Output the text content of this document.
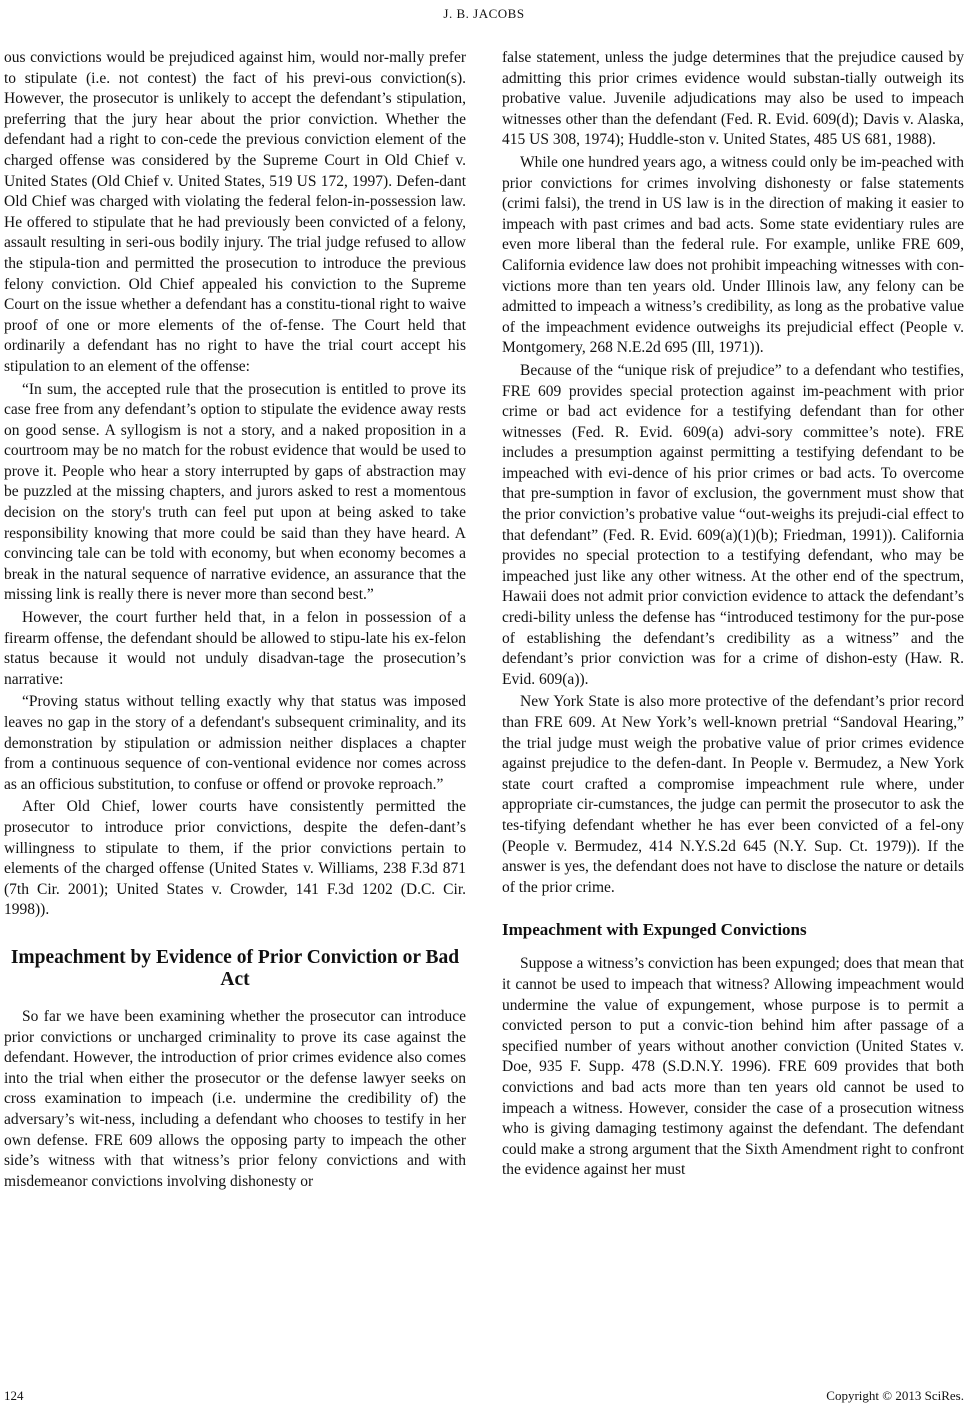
J. B. JACOBS

ous convictions would be prejudiced against him, would nor-mally prefer to stipulate (i.e. not contest) the fact of his previ-ous conviction(s). However, the prosecutor is unlikely to accept the defendant’s stipulation, preferring that the jury hear about the prior conviction. Whether the defendant had a right to con-cede the previous conviction element of the charged offense was considered by the Supreme Court in Old Chief v. United States (Old Chief v. United States, 519 US 172, 1997). Defen-dant Old Chief was charged with violating the federal felon-in-possession law. He offered to stipulate that he had previously been convicted of a felony, assault resulting in seri-ous bodily injury. The trial judge refused to allow the stipula-tion and permitted the prosecution to introduce the previous felony conviction. Old Chief appealed his conviction to the Supreme Court on the issue whether a defendant has a constitu-tional right to waive proof of one or more elements of the of-fense. The Court held that ordinarily a defendant has no right to have the trial court accept his stipulation to an element of the offense:

“In sum, the accepted rule that the prosecution is entitled to prove its case free from any defendant’s option to stipulate the evidence away rests on good sense. A syllogism is not a story, and a naked proposition in a courtroom may be no match for the robust evidence that would be used to prove it. People who hear a story interrupted by gaps of abstraction may be puzzled at the missing chapters, and jurors asked to rest a momentous decision on the story's truth can feel put upon at being asked to take responsibility knowing that more could be said than they have heard. A convincing tale can be told with economy, but when economy becomes a break in the natural sequence of narrative evidence, an assurance that the missing link is really there is never more than second best.”

However, the court further held that, in a felon in possession of a firearm offense, the defendant should be allowed to stipu-late his ex-felon status because it would not unduly disadvan-tage the prosecution’s narrative:

“Proving status without telling exactly why that status was imposed leaves no gap in the story of a defendant's subsequent criminality, and its demonstration by stipulation or admission neither displaces a chapter from a continuous sequence of con-ventional evidence nor comes across as an officious substitution, to confuse or offend or provoke reproach.”

After Old Chief, lower courts have consistently permitted the prosecutor to introduce prior convictions, despite the defen-dant’s willingness to stipulate to them, if the prior convictions pertain to elements of the charged offense (United States v. Williams, 238 F.3d 871 (7th Cir. 2001); United States v. Crowder, 141 F.3d 1202 (D.C. Cir. 1998)).

Impeachment by Evidence of Prior Conviction or Bad Act

So far we have been examining whether the prosecutor can introduce prior convictions or uncharged criminality to prove its case against the defendant. However, the introduction of prior crimes evidence also comes into the trial when either the prosecutor or the defense lawyer seeks on cross examination to impeach (i.e. undermine the credibility of) the adversary’s wit-ness, including a defendant who chooses to testify in her own defense. FRE 609 allows the opposing party to impeach the other side’s witness with that witness’s prior felony convictions and with misdemeanor convictions involving dishonesty or

false statement, unless the judge determines that the prejudice caused by admitting this prior crimes evidence would substan-tially outweigh its probative value. Juvenile adjudications may also be used to impeach witnesses other than the defendant (Fed. R. Evid. 609(d); Davis v. Alaska, 415 US 308, 1974); Huddle-ston v. United States, 485 US 681, 1988).

While one hundred years ago, a witness could only be im-peached with prior convictions for crimes involving dishonesty or false statements (crimi falsi), the trend in US law is in the direction of making it easier to impeach with past crimes and bad acts. Some state evidentiary rules are even more liberal than the federal rule. For example, unlike FRE 609, California evidence law does not prohibit impeaching witnesses with con-victions more than ten years old. Under Illinois law, any felony can be admitted to impeach a witness’s credibility, as long as the probative value of the impeachment evidence outweighs its prejudicial effect (People v. Montgomery, 268 N.E.2d 695 (Ill, 1971)).

Because of the “unique risk of prejudice” to a defendant who testifies, FRE 609 provides special protection against im-peachment with prior crime or bad act evidence for a testifying defendant than for other witnesses (Fed. R. Evid. 609(a) advi-sory committee’s note). FRE includes a presumption against permitting a testifying defendant to be impeached with evi-dence of his prior crimes or bad acts. To overcome that pre-sumption in favor of exclusion, the government must show that the prior conviction’s probative value “out-weighs its prejudi-cial effect to that defendant” (Fed. R. Evid. 609(a)(1)(b); Friedman, 1991)). California provides no special protection to a testifying defendant, who may be impeached just like any other witness. At the other end of the spectrum, Hawaii does not admit prior conviction evidence to attack the defendant’s credi-bility unless the defense has “introduced testimony for the pur-pose of establishing the defendant’s credibility as a witness” and the defendant’s prior conviction was for a crime of dishon-esty (Haw. R. Evid. 609(a)).

New York State is also more protective of the defendant’s prior record than FRE 609. At New York’s well-known pretrial “Sandoval Hearing,” the trial judge must weigh the probative value of prior crimes evidence against prejudice to the defen-dant. In People v. Bermudez, a New York state court crafted a compromise impeachment rule where, under appropriate cir-cumstances, the judge can permit the prosecutor to ask the tes-tifying defendant whether he has ever been convicted of a fel-ony (People v. Bermudez, 414 N.Y.S.2d 645 (N.Y. Sup. Ct. 1979)). If the answer is yes, the defendant does not have to disclose the nature or details of the prior crime.

Impeachment with Expunged Convictions

Suppose a witness’s conviction has been expunged; does that mean that it cannot be used to impeach that witness? Allowing impeachment would undermine the value of expungement, whose purpose is to permit a convicted person to put a convic-tion behind him after passage of a specified number of years without another conviction (United States v. Doe, 935 F. Supp. 478 (S.D.N.Y. 1996). FRE 609 provides that both convictions and bad acts more than ten years old cannot be used to impeach a witness. However, consider the case of a prosecution witness who is giving damaging testimony against the defendant. The defendant could make a strong argument that the Sixth Amendment right to confront the evidence against her must

124	Copyright © 2013 SciRes.
